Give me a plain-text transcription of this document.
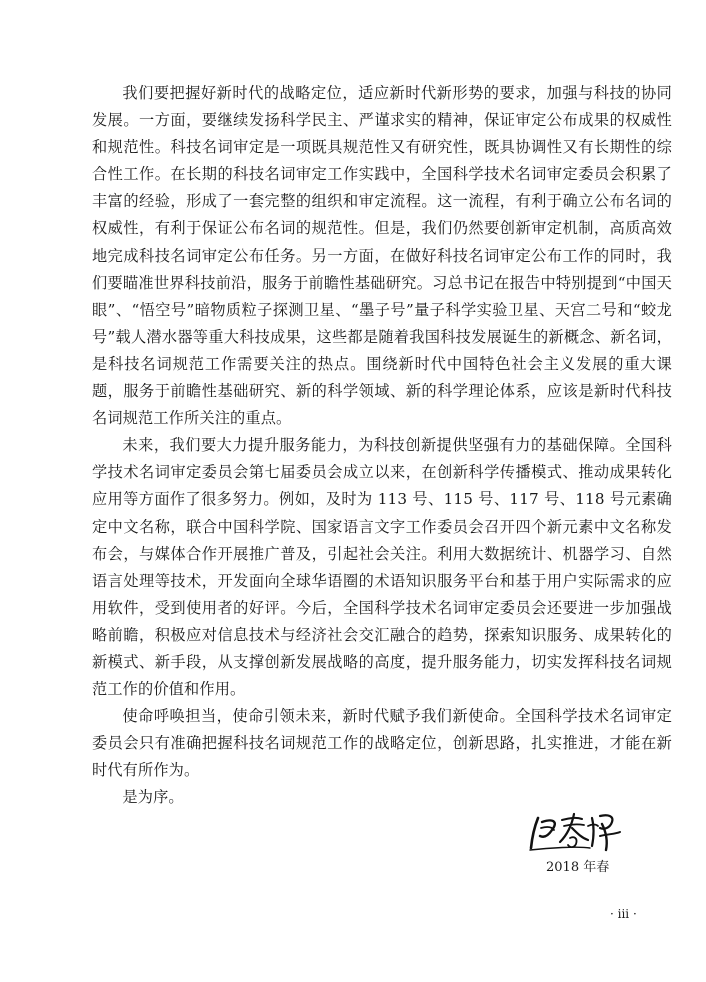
我们要把握好新时代的战略定位，适应新时代新形势的要求，加强与科技的协同发展。一方面，要继续发扬科学民主、严谨求实的精神，保证审定公布成果的权威性和规范性。科技名词审定是一项既具规范性又有研究性，既具协调性又有长期性的综合性工作。在长期的科技名词审定工作实践中，全国科学技术名词审定委员会积累了丰富的经验，形成了一套完整的组织和审定流程。这一流程，有利于确立公布名词的权威性，有利于保证公布名词的规范性。但是，我们仍然要创新审定机制，高质高效地完成科技名词审定公布任务。另一方面，在做好科技名词审定公布工作的同时，我们要瞄准世界科技前沿，服务于前瞻性基础研究。习总书记在报告中特别提到“中国天眼”、“悟空号”暗物质粒子探测卫星、“墨子号”量子科学实验卫星、天宫二号和“蛟龙号”载人潜水器等重大科技成果，这些都是随着我国科技发展诞生的新概念、新名词，是科技名词规范工作需要关注的热点。围绕新时代中国特色社会主义发展的重大课题，服务于前瞻性基础研究、新的科学领域、新的科学理论体系，应该是新时代科技名词规范工作所关注的重点。

未来，我们要大力提升服务能力，为科技创新提供坚强有力的基础保障。全国科学技术名词审定委员会第七届委员会成立以来，在创新科学传播模式、推动成果转化应用等方面作了很多努力。例如，及时为 113 号、115 号、117 号、118 号元素确定中文名称，联合中国科学院、国家语言文字工作委员会召开四个新元素中文名称发布会，与媒体合作开展推广普及，引起社会关注。利用大数据统计、机器学习、自然语言处理等技术，开发面向全球华语圈的术语知识服务平台和基于用户实际需求的应用软件，受到使用者的好评。今后，全国科学技术名词审定委员会还要进一步加强战略前瞻，积极应对信息技术与经济社会交汇融合的趋势，探索知识服务、成果转化的新模式、新手段，从支撑创新发展战略的高度，提升服务能力，切实发挥科技名词规范工作的价值和作用。

使命呼唤担当，使命引领未来，新时代赋予我们新使命。全国科学技术名词审定委员会只有准确把握科技名词规范工作的战略定位，创新思路，扎实推进，才能在新时代有所作为。

是为序。

2018 年春
· iii ·
